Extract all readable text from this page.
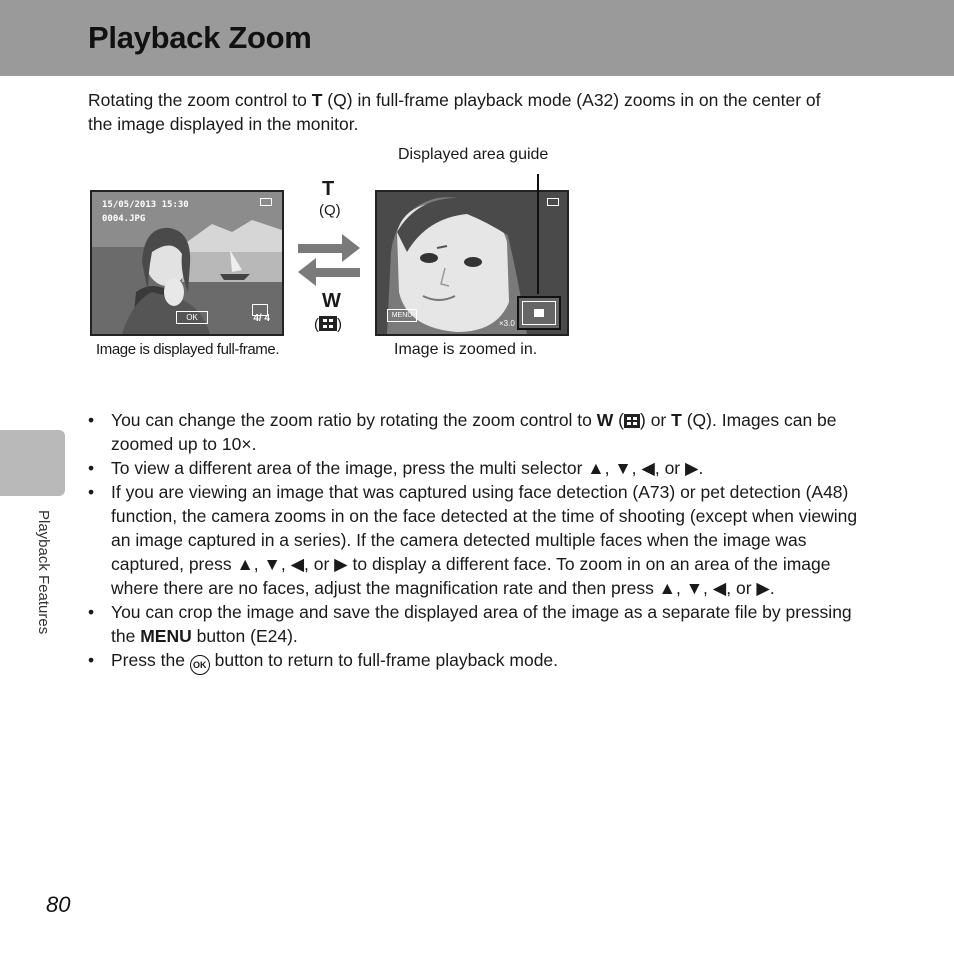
Playback Zoom
Rotating the zoom control to T (Q) in full-frame playback mode (A32) zooms in on the center of the image displayed in the monitor.
Displayed area guide
15/05/2013 15:30
0004.JPG
OK	4/ 4
T
(Q)
W
( )
MENU
×3.0
Image is displayed full-frame.	Image is zoomed in.
• You can change the zoom ratio by rotating the zoom control to W ( ) or T (Q). Images can be zoomed up to 10×.
• To view a different area of the image, press the multi selector ▲, ▼, ◀, or ▶.
• If you are viewing an image that was captured using face detection (A73) or pet detection (A48) function, the camera zooms in on the face detected at the time of shooting (except when viewing an image captured in a series). If the camera detected multiple faces when the image was captured, press ▲, ▼, ◀, or ▶ to display a different face. To zoom in on an area of the image where there are no faces, adjust the magnification rate and then press ▲, ▼, ◀, or ▶.
• You can crop the image and save the displayed area of the image as a separate file by pressing the MENU button (E24).
• Press the OK button to return to full-frame playback mode.
Playback Features
80
